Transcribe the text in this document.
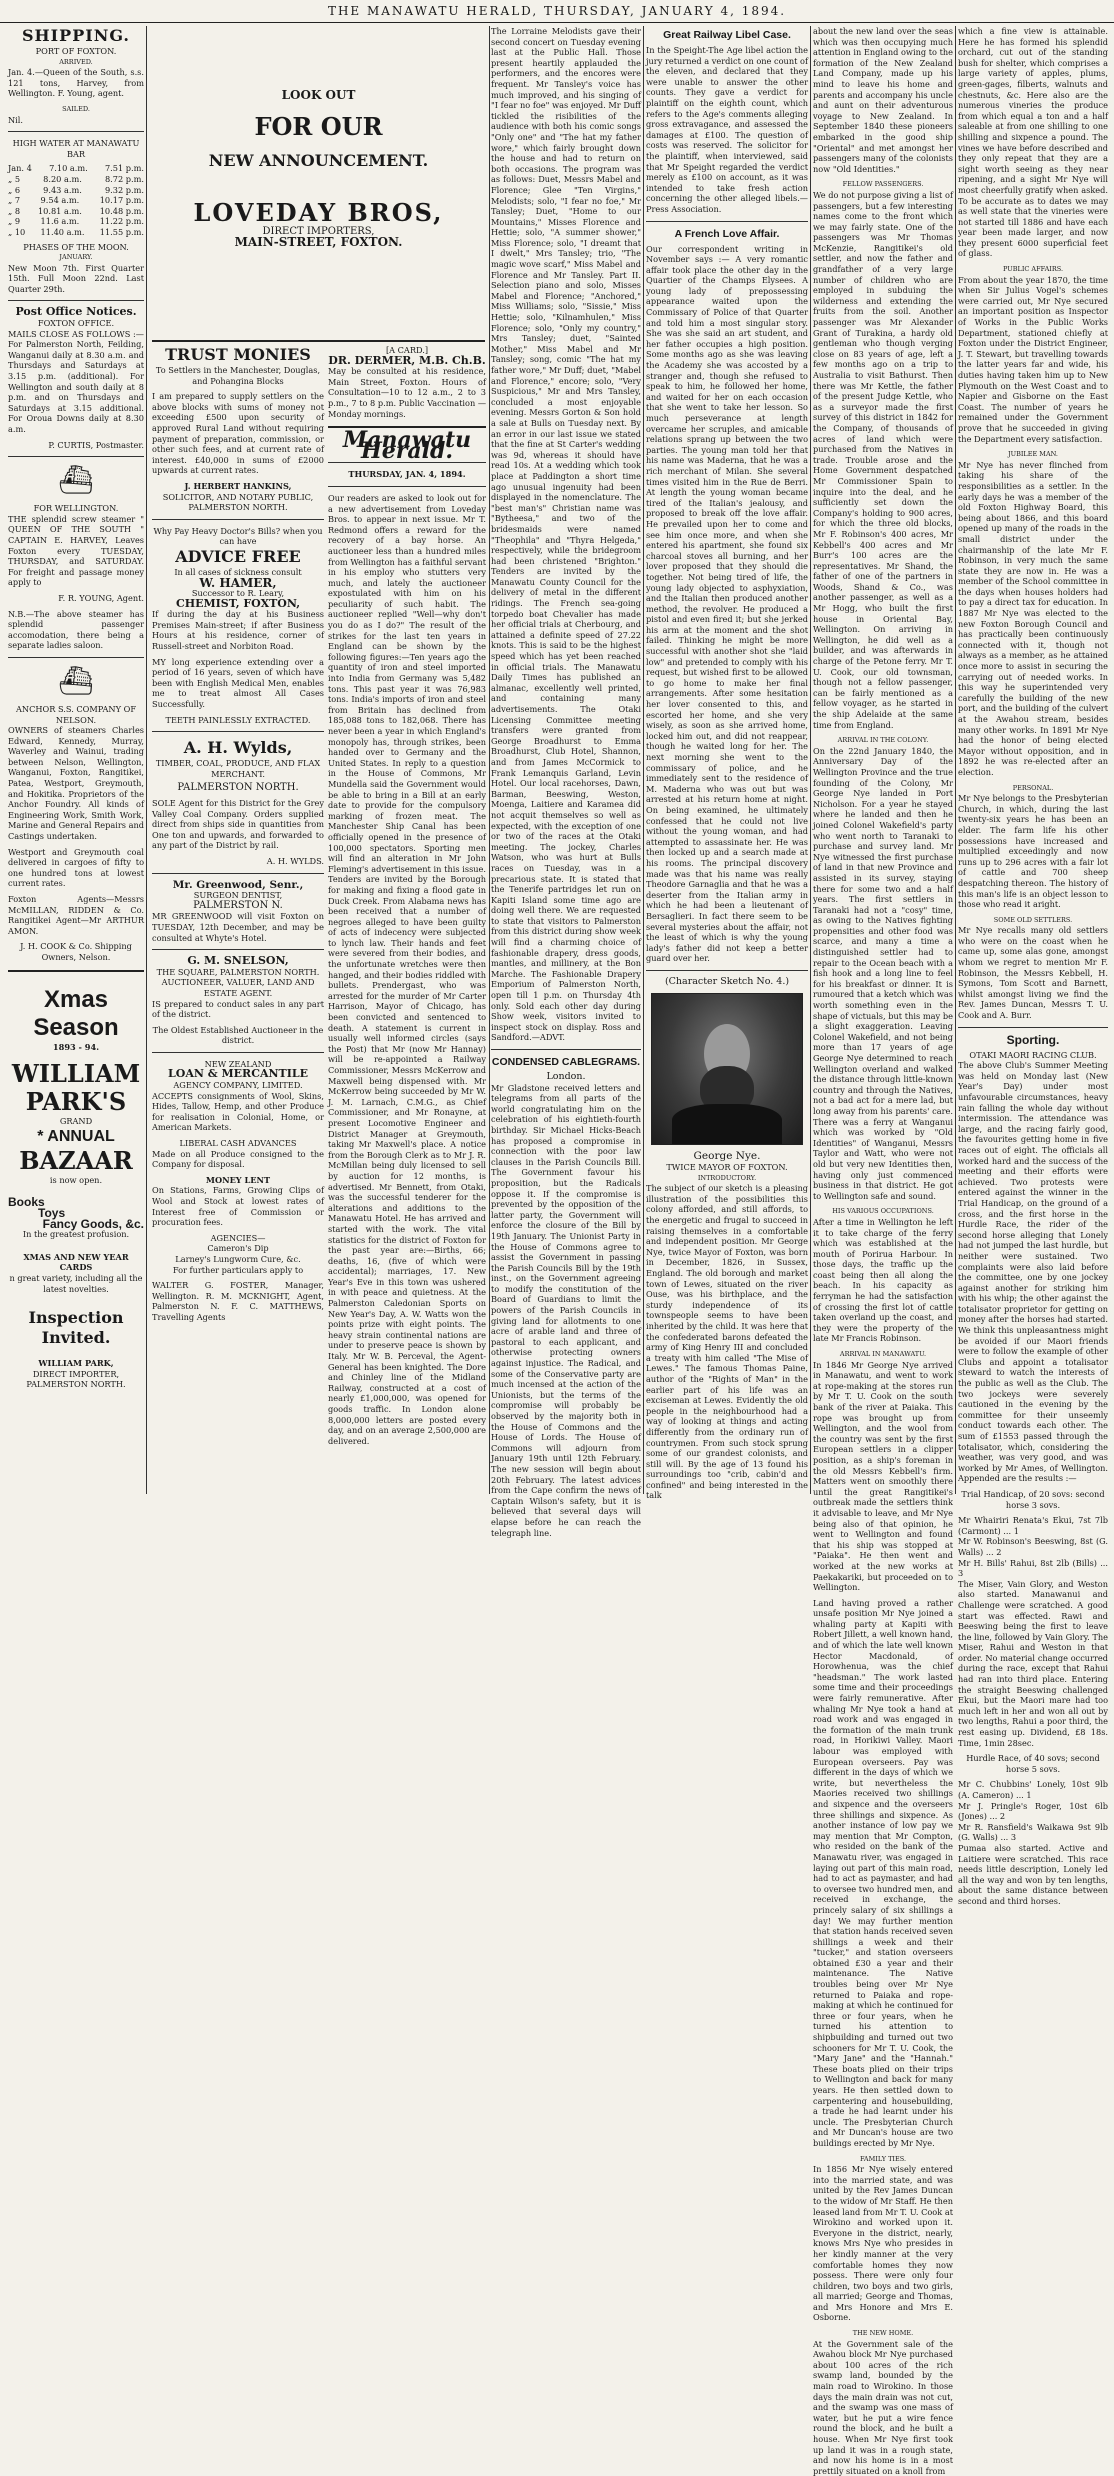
THE MANAWATU HERALD, THURSDAY, JANUARY 4, 1894.
SHIPPING.
PORT OF FOXTON.
ARRIVED.

Jan. 4.—Queen of the South, s.s. 121 tons, Harvey, from Wellington. F. Young, agent.

SAILED.

Nil.

HIGH WATER AT MANAWATU BAR
Jan. 4 7.10 a.m. 7.51 p.m.
„ 5	8.20 a.m.	8.72 p.m.
„ 6	9.43 a.m.	9.32 p.m.
„ 7 9.54 a.m. 10.17 p.m.
„ 8 10.81 a.m. 10.48 p.m.
„ 9 11.6 a.m. 11.22 p.m.
„ 10 11.40 a.m. 11.55 p.m.
PHASES OF THE MOON.
JANUARY.

New Moon 7th. First Quarter 15th. Full Moon 22nd. Last Quarter 29th.

Post Office Notices.
FOXTON OFFICE.

MAILS CLOSE AS FOLLOWS :— For Palmerston North, Feilding, Wanganui daily at 8.30 a.m. and Thursdays and Saturdays at 3.15 p.m. (additional). For Wellington and south daily at 8 p.m. and on Thursdays and Saturdays at 3.15 additional. For Oroua Downs daily at 8.30 a.m.

P. CURTIS, Postmaster.

⛴
FOR WELLINGTON.

THE splendid screw steamer " QUEEN OF THE SOUTH " CAPTAIN E. HARVEY, Leaves Foxton every TUESDAY, THURSDAY, and SATURDAY. For freight and passage money apply to

F. R. YOUNG, Agent.

N.B.—The above steamer has splendid passenger accomodation, there being a separate ladies saloon.

⛴
ANCHOR S.S. COMPANY OF NELSON.

OWNERS of steamers Charles Edward, Kennedy, Murray, Waverley and Wainui, trading between Nelson, Wellington, Wanganui, Foxton, Rangitikei, Patea, Westport, Greymouth, and Hokitika. Proprietors of the Anchor Foundry. All kinds of Engineering Work, Smith Work, Marine and General Repairs and Castings undertaken.

Westport and Greymouth coal delivered in cargoes of fifty to one hundred tons at lowest current rates.

Foxton Agents—Messrs McMILLAN, RIDDEN & Co. Rangitikei Agent—Mr ARTHUR AMON.

J. H. COOK & Co. Shipping Owners, Nelson.

Xmas Season
1893 - 94.
WILLIAM PARK'S
GRAND
* ANNUAL
BAZAAR
is now open.
Books
Toys
Fancy Goods, &c.
In the greatest profusion.
XMAS AND NEW YEAR CARDS
n great variety, including all the latest novelties.
Inspection Invited.
WILLIAM PARK,
DIRECT IMPORTER, PALMERSTON NORTH.
LOOK OUT
FOR OUR
NEW ANNOUNCEMENT.
LOVEDAY BROS,
DIRECT IMPORTERS,
MAIN-STREET, FOXTON.
TRUST MONIES

To Settlers in the Manchester, Douglas, and Pohangina Blocks

I am prepared to supply settlers on the above blocks with sums of money not exceeding £500 upon security of approved Rural Land without requiring payment of preparation, commission, or other such fees, and at current rate of interest. £40,000 in sums of £2000 upwards at current rates.

J. HERBERT HANKINS,
SOLICITOR, AND NOTARY PUBLIC, PALMERSTON NORTH.
Why Pay Heavy Doctor's Bills? when you can have
ADVICE FREE
In all cases of sickness consult
W. HAMER,
Successor to R. Leary,
CHEMIST, FOXTON,

If during the day at his Business Premises Main-street; if after Business Hours at his residence, corner of Russell-street and Norbiton Road.

MY long experience extending over a period of 16 years, seven of which have been with English Medical Men, enables me to treat almost All Cases Successfully.

TEETH PAINLESSLY EXTRACTED.
A. H. Wylds,
TIMBER, COAL, PRODUCE, AND FLAX MERCHANT.
PALMERSTON NORTH.

SOLE Agent for this District for the Grey Valley Coal Company. Orders supplied direct from ships side in quantities from One ton and upwards, and forwarded to any part of the District by rail.

A. H. WYLDS.

Mr. Greenwood, Senr.,
SURGEON DENTIST,
PALMERSTON N.

MR GREENWOOD will visit Foxton on TUESDAY, 12th December, and may be consulted at Whyte's Hotel.

G. M. SNELSON,
THE SQUARE, PALMERSTON NORTH.
AUCTIONEER, VALUER, LAND AND ESTATE AGENT.

IS prepared to conduct sales in any part of the district.

The Oldest Established Auctioneer in the district.

NEW ZEALAND
LOAN & MERCANTILE
AGENCY COMPANY, LIMITED.

ACCEPTS consignments of Wool, Skins, Hides, Tallow, Hemp, and other Produce for realisation in Colonial, Home, or American Markets.

LIBERAL CASH ADVANCES

Made on all Produce consigned to the Company for disposal.

MONEY LENT

On Stations, Farms, Growing Clips of Wool and Stock at lowest rates of Interest free of Commission or procuration fees.

AGENCIES—
Cameron's Dip
Larney's Lungworm Cure, &c.

For further particulars apply to

WALTER G. FOSTER, Manager, Wellington. R. M. MCKNIGHT, Agent, Palmerston N. F. C. MATTHEWS, Travelling Agents

[A CARD.]
DR. DERMER, M.B. Ch.B.

May be consulted at his residence, Main Street, Foxton. Hours of Consultation—10 to 12 a.m., 2 to 3 p.m., 7 to 8 p.m. Public Vaccination — Monday mornings.

Manawatu Herald.
THURSDAY, JAN. 4, 1894.

Our readers are asked to look out for a new advertisement from Loveday Bros. to appear in next issue. Mr T. Redmond offers a reward for the recovery of a bay horse. An auctioneer less than a hundred miles from Wellington has a faithful servant in his employ who stutters very much, and lately the auctioneer expostulated with him on his peculiarity of such habit. The auctioneer replied "Well—why don't you do as I do?" The result of the strikes for the last ten years in England can be shown by the following figures:—Ten years ago the quantity of iron and steel imported into India from Germany was 5,482 tons. This past year it was 76,983 tons. India's imports of iron and steel from Britain has declined from 185,088 tons to 182,068. There has never been a year in which England's monopoly has, through strikes, been handed over to Germany and the United States. In reply to a question in the House of Commons, Mr Mundella said the Government would be able to bring in a Bill at an early date to provide for the compulsory marking of frozen meat. The Manchester Ship Canal has been officially opened in the presence of 100,000 spectators. Sporting men will find an alteration in Mr John Fleming's advertisement in this issue. Tenders are invited by the Borough for making and fixing a flood gate in Duck Creek. From Alabama news has been received that a number of negroes alleged to have been guilty of acts of indecency were subjected to lynch law. Their hands and feet were severed from their bodies, and the unfortunate wretches were then hanged, and their bodies riddled with bullets. Prendergast, who was arrested for the murder of Mr Carter Harrison, Mayor of Chicago, has been convicted and sentenced to death. A statement is current in usually well informed circles (says the Post) that Mr (now Mr Hannay) will be re-appointed a Railway Commissioner, Messrs McKerrow and Maxwell being dispensed with. Mr McKerrow being succeeded by Mr W. J. M. Larnach, C.M.G., as Chief Commissioner, and Mr Ronayne, at present Locomotive Engineer and District Manager at Greymouth, taking Mr Maxwell's place. A notice from the Borough Clerk as to Mr J. R. McMillan being duly licensed to sell by auction for 12 months, is advertised. Mr Bennett, from Otaki, was the successful tenderer for the alterations and additions to the Manawatu Hotel. He has arrived and started with the work. The vital statistics for the district of Foxton for the past year are:—Births, 66; deaths, 16, (five of which were accidental); marriages, 17. New Year's Eve in this town was ushered in with peace and quietness. At the Palmerston Caledonian Sports on New Year's Day, A. W. Watts won the points prize with eight points. The heavy strain continental nations are under to preserve peace is shown by Italy. Mr W. B. Perceval, the Agent-General has been knighted. The Dore and Chinley line of the Midland Railway, constructed at a cost of nearly £1,000,000, was opened for goods traffic. In London alone 8,000,000 letters are posted every day, and on an average 2,500,000 are delivered.

The Lorraine Melodists gave their second concert on Tuesday evening last at the Public Hall. Those present heartily applauded the performers, and the encores were frequent. Mr Tansley's voice has much improved, and his singing of "I fear no foe" was enjoyed. Mr Duff tickled the risibilities of the audience with both his comic songs "Only one" and "The hat my father wore," which fairly brought down the house and had to return on both occasions. The program was as follows: Duet, Messrs Mabel and Florence; Glee "Ten Virgins," Melodists; solo, "I fear no foe," Mr Tansley; Duet, "Home to our Mountains," Misses Florence and Hettie; solo, "A summer shower," Miss Florence; solo, "I dreamt that I dwelt," Mrs Tansley; trio, "The magic wove scarf," Miss Mabel and Florence and Mr Tansley. Part II. Selection piano and solo, Misses Mabel and Florence; "Anchored," Miss Williams; solo, "Sissie," Miss Hettie; solo, "Kilnamhulen," Miss Florence; solo, "Only my country," Mrs Tansley; duet, "Sainted Mother," Miss Mabel and Mr Tansley; song, comic "The hat my father wore," Mr Duff; duet, "Mabel and Florence," encore; solo, "Very Suspicious," Mr and Mrs Tansley, concluded a most enjoyable evening. Messrs Gorton & Son hold a sale at Bulls on Tuesday next. By an error in our last issue we stated that the fine at St Carter's wedding was 9d, whereas it should have read 10s. At a wedding which took place at Paddington a short time ago unusual ingenuity had been displayed in the nomenclature. The "best man's" Christian name was "Bytheesa," and two of the bridesmaids were named "Theophila" and "Thyra Helgeda," respectively, while the bridegroom had been christened "Brighton." Tenders are invited by the Manawatu County Council for the delivery of metal in the different ridings. The French sea-going torpedo boat Chevalier has made her official trials at Cherbourg, and attained a definite speed of 27.22 knots. This is said to be the highest speed which has yet been reached in official trials. The Manawatu Daily Times has published an almanac, excellently well printed, and containing many advertisements. The Otaki Licensing Committee meeting transfers were granted from George Broadhurst to Emma Broadhurst, Club Hotel, Shannon, and from James McCormick to Frank Lemanquis Garland, Levin Hotel. Our local racehorses, Dawn, Barman, Beeswing, Weston, Moenga, Laitiere and Karamea did not acquit themselves so well as expected, with the exception of one or two of the races at the Otaki meeting. The jockey, Charles Watson, who was hurt at Bulls races on Tuesday, was in a precarious state. It is stated that the Tenerife partridges let run on Kapiti Island some time ago are doing well there. We are requested to state that visitors to Palmerston from this district during show week will find a charming choice of fashionable drapery, dress goods, mantles, and millinery, at the Bon Marche. The Fashionable Drapery Emporium of Palmerston North, open till 1 p.m. on Thursday 4th only. Sold each other day during Show week, visitors invited to inspect stock on display. Ross and Sandford.—ADVT.

CONDENSED CABLEGRAMS.
London.

Mr Gladstone received letters and telegrams from all parts of the world congratulating him on the celebration of his eightieth-fourth birthday. Sir Michael Hicks-Beach has proposed a compromise in connection with the poor law clauses in the Parish Councils Bill. The Government favour his proposition, but the Radicals oppose it. If the compromise is prevented by the opposition of the latter party, the Government will enforce the closure of the Bill by 19th January. The Unionist Party in the House of Commons agree to assist the Government in passing the Parish Councils Bill by the 19th inst., on the Government agreeing to modify the constitution of the Board of Guardians to limit the powers of the Parish Councils in giving land for allotments to one acre of arable land and three of pastoral to each applicant, and otherwise protecting owners against injustice. The Radical, and some of the Conservative party are much incensed at the action of the Unionists, but the terms of the compromise will probably be observed by the majority both in the House of Commons and the House of Lords. The House of Commons will adjourn from January 19th until 12th February. The new session will begin about 20th February. The latest advices from the Cape confirm the news of Captain Wilson's safety, but it is believed that several days will elapse before he can reach the telegraph line.

Great Railway Libel Case.

In the Speight-The Age libel action the jury returned a verdict on one count of the eleven, and declared that they were unable to answer the other counts. They gave a verdict for plaintiff on the eighth count, which refers to the Age's comments alleging gross extravagance, and assessed the damages at £100. The question of costs was reserved. The solicitor for the plaintiff, when interviewed, said that Mr Speight regarded the verdict merely as £100 on account, as it was intended to take fresh action concerning the other alleged libels.—Press Association.

A French Love Affair.

Our correspondent writing in November says :— A very romantic affair took place the other day in the Quartier of the Champs Elysees. A young lady of prepossessing appearance waited upon the Commissary of Police of that Quarter and told him a most singular story. She was she said an art student, and her father occupies a high position. Some months ago as she was leaving the Academy she was accosted by a stranger and, though she refused to speak to him, he followed her home, and waited for her on each occasion that she went to take her lesson. So much perseverance at length overcame her scruples, and amicable relations sprang up between the two parties. The young man told her that his name was Maderna, that he was a rich merchant of Milan. She several times visited him in the Rue de Berri. At length the young woman became tired of the Italian's jealousy, and proposed to break off the love affair. He prevailed upon her to come and see him once more, and when she entered his apartment, she found six charcoal stoves all burning, and her lover proposed that they should die together. Not being tired of life, the young lady objected to asphyxiation, and the Italian then produced another method, the revolver. He produced a pistol and even fired it; but she jerked his arm at the moment and the shot failed. Thinking he might be more successful with another shot she "laid low" and pretended to comply with his request, but wished first to be allowed to go home to make her final arrangements. After some hesitation her lover consented to this, and escorted her home, and she very wisely, as soon as she arrived home, locked him out, and did not reappear, though he waited long for her. The next morning she went to the commissary of police, and he immediately sent to the residence of M. Maderna who was out but was arrested at his return home at night. On being examined, he ultimately confessed that he could not live without the young woman, and had attempted to assassinate her. He was then locked up and a search made at his rooms. The principal discovery made was that his name was really Theodore Garnaglia and that he was a deserter from the Italian army in which he had been a lieutenant of Bersaglieri. In fact there seem to be several mysteries about the affair, not the least of which is why the young lady's father did not keep a better guard over her.

(Character Sketch No. 4.)
George Nye.
TWICE MAYOR OF FOXTON.
INTRODUCTORY.

The subject of our sketch is a pleasing illustration of the possibilities this colony afforded, and still affords, to the energetic and frugal to succeed in raising themselves in a comfortable and independent position. Mr George Nye, twice Mayor of Foxton, was born in December, 1826, in Sussex, England. The old borough and market town of Lewes, situated on the river Ouse, was his birthplace, and the sturdy independence of its townspeople seems to have been inherited by the child. It was here that the confederated barons defeated the army of King Henry III and concluded a treaty with him called "The Mise of Lewes." The famous Thomas Paine, author of the "Rights of Man" in the earlier part of his life was an exciseman at Lewes. Evidently the old people in the neighbourhood had a way of looking at things and acting differently from the ordinary run of countrymen. From such stock sprung some of our grandest colonists, and still will. By the age of 13 found his surroundings too "crib, cabin'd and confined" and being interested in the talk

about the new land over the seas which was then occupying much attention in England owing to the formation of the New Zealand Land Company, made up his mind to leave his home and parents and accompany his uncle and aunt on their adventurous voyage to New Zealand. In September 1840 these pioneers embarked in the good ship "Oriental" and met amongst her passengers many of the colonists now "Old Identities."

FELLOW PASSENGERS.

We do not purpose giving a list of passengers, but a few interesting names come to the front which we may fairly state. One of the passengers was Mr Thomas McKenzie, Rangitikei's old settler, and now the father and grandfather of a very large number of children who are employed in subduing the wilderness and extending the fruits from the soil. Another passenger was Mr Alexander Grant of Turakina, a hardy old gentleman who though verging close on 83 years of age, left a few months ago on a trip to Australia to visit Bathurst. Then there was Mr Kettle, the father of the present Judge Kettle, who as a surveyor made the first survey of this district in 1842 for the Company, of thousands of acres of land which were purchased from the Natives in trade. Trouble arose and the Home Government despatched Mr Commissioner Spain to inquire into the deal, and he sufficiently set down the Company's holding to 900 acres, for which the three old blocks, Mr F. Robinson's 400 acres, Mr Kebbell's 400 acres and Mr Burr's 100 acres are the representatives. Mr Shand, the father of one of the partners in Woods, Shand & Co., was another passenger, as well as a Mr Hogg, who built the first house in Oriental Bay, Wellington. On arriving in Wellington, he did well as a builder, and was afterwards in charge of the Petone ferry. Mr T. U. Cook, our old townsman, though not a fellow passenger, can be fairly mentioned as a fellow voyager, as he started in the ship Adelaide at the same time from England.

ARRIVAL IN THE COLONY.

On the 22nd January 1840, the Anniversary Day of the Wellington Province and the true founding of the Colony, Mr George Nye landed in Port Nicholson. For a year he stayed where he landed and then he joined Colonel Wakefield's party who went north to Taranaki to purchase and survey land. Mr Nye witnessed the first purchase of land in that new Province and assisted in its survey, staying there for some two and a half years. The first settlers in Taranaki had not a "cosy" time, as owing to the Natives fighting propensities and other food was scarce, and many a time a distinguished settler had to repair to the Ocean beach with a fish hook and a long line to feel for his breakfast or dinner. It is rumoured that a ketch which was worth something even in the shape of victuals, but this may be a slight exaggeration. Leaving Colonel Wakefield, and not being more than 17 years of age George Nye determined to reach Wellington overland and walked the distance through little-known country and through the Natives, not a bad act for a mere lad, but long away from his parents' care. There was a ferry at Wanganui which was worked by "Old Identities" of Wanganui, Messrs Taylor and Watt, who were not old but very new Identities then, having only just commenced business in that district. He got to Wellington safe and sound.

HIS VARIOUS OCCUPATIONS.

After a time in Wellington he left it to take charge of the ferry which was established at the mouth of Porirua Harbour. In those days, the traffic up the coast being then all along the beach. In his capacity as ferryman he had the satisfaction of crossing the first lot of cattle taken overland up the coast, and they were the property of the late Mr Francis Robinson.

ARRIVAL IN MANAWATU.

In 1846 Mr George Nye arrived in Manawatu, and went to work at rope-making at the stores run by Mr T. U. Cook on the south bank of the river at Paiaka. This rope was brought up from Wellington, and the wool from the country was sent by the first European settlers in a clipper position, as a ship's foreman in the old Messrs Kebbell's firm. Matters went on smoothly there until the great Rangitikei's outbreak made the settlers think it advisable to leave, and Mr Nye being also of that opinion, he went to Wellington and found that his ship was stopped at "Paiaka". He then went and worked at the new works at Paekakariki, but proceeded on to Wellington.

Land having proved a rather unsafe position Mr Nye joined a whaling party at Kapiti with Robert Jillett, a well known hand, and of which the late well known Hector Macdonald, of Horowhenua, was the chief "headsman." The work lasted some time and their proceedings were fairly remunerative. After whaling Mr Nye took a hand at road work and was engaged in the formation of the main trunk road, in Horikiwi Valley. Maori labour was employed with European overseers. Pay was different in the days of which we write, but nevertheless the Maories received two shillings and sixpence and the overseers three shillings and sixpence. As another instance of low pay we may mention that Mr Compton, who resided on the bank of the Manawatu river, was engaged in laying out part of this main road, had to act as paymaster, and had to oversee two hundred men, and received in exchange, the princely salary of six shillings a day! We may further mention that station hands received seven shillings a week and their "tucker," and station overseers obtained £30 a year and their maintenance. The Native troubles being over Mr Nye returned to Paiaka and rope-making at which he continued for three or four years, when he turned his attention to shipbuilding and turned out two schooners for Mr T. U. Cook, the "Mary Jane" and the "Hannah." These boats plied on their trips to Wellington and back for many years. He then settled down to carpentering and housebuilding, a trade he had learnt under his uncle. The Presbyterian Church and Mr Duncan's house are two buildings erected by Mr Nye.

FAMILY TIES.

In 1856 Mr Nye wisely entered into the married state, and was united by the Rev James Duncan to the widow of Mr Staff. He then leased land from Mr T. U. Cook at Wirokino and worked upon it. Everyone in the district, nearly, knows Mrs Nye who presides in her kindly manner at the very comfortable homes they now possess. There were only four children, two boys and two girls, all married; George and Thomas, and Mrs Honore and Mrs E. Osborne.

THE NEW HOME.

At the Government sale of the Awahou block Mr Nye purchased about 100 acres of the rich swamp land, bounded by the main road to Wirokino. In those days the main drain was not cut, and the swamp was one mass of water, but he put a wire fence round the block, and he built a house. When Mr Nye first took up land it was in a rough state, and now his home is in a most prettily situated on a knoll from

which a fine view is attainable. Here he has formed his splendid orchard, cut out of the standing bush for shelter, which comprises a large variety of apples, plums, green-gages, filberts, walnuts and chestnuts, &c. Here also are the numerous vineries the produce from which equal a ton and a half saleable at from one shilling to one shilling and sixpence a pound. The vines we have before described and they only repeat that they are a sight worth seeing as they near ripening, and a sight Mr Nye will most cheerfully gratify when asked. To be accurate as to dates we may as well state that the vineries were not started till 1886 and have each year been made larger, and now they present 6000 superficial feet of glass.

PUBLIC AFFAIRS.

From about the year 1870, the time when Sir Julius Vogel's schemes were carried out, Mr Nye secured an important position as Inspector of Works in the Public Works Department, stationed chiefly at Foxton under the District Engineer, J. T. Stewart, but travelling towards the latter years far and wide, his duties having taken him up to New Plymouth on the West Coast and to Napier and Gisborne on the East Coast. The number of years he remained under the Government prove that he succeeded in giving the Department every satisfaction.

JUBILEE MAN.

Mr Nye has never flinched from taking his share of the responsibilities as a settler. In the early days he was a member of the old Foxton Highway Board, this being about 1866, and this board opened up many of the roads in the small district under the chairmanship of the late Mr F. Robinson, in very much the same state they are now in. He was a member of the School committee in the days when houses holders had to pay a direct tax for education. In 1887 Mr Nye was elected to the new Foxton Borough Council and has practically been continuously connected with it, though not always as a member, as he attained once more to assist in securing the carrying out of needed works. In this way he superintended very carefully the building of the new port, and the building of the culvert at the Awahou stream, besides many other works. In 1891 Mr Nye had the honor of being elected Mayor without opposition, and in 1892 he was re-elected after an election.

PERSONAL.

Mr Nye belongs to the Presbyterian Church, in which, during the last twenty-six years he has been an elder. The farm life his other possessions have increased and multiplied exceedingly and now runs up to 296 acres with a fair lot of cattle and 700 sheep despatching thereon. The history of this man's life is an object lesson to those who read it aright.

SOME OLD SETTLERS.

Mr Nye recalls many old settlers who were on the coast when he came up, some alas gone, amongst whom we regret to mention Mr F. Robinson, the Messrs Kebbell, H. Symons, Tom Scott and Barnett, whilst amongst living we find the Rev. James Duncan, Messrs T. U. Cook and A. Burr.

Sporting.
OTAKI MAORI RACING CLUB.

The above Club's Summer Meeting was held on Monday last (New Year's Day) under most unfavourable circumstances, heavy rain falling the whole day without intermission. The attendance was large, and the racing fairly good, the favourites getting home in five races out of eight. The officials all worked hard and the success of the meeting and their efforts were achieved. Two protests were entered against the winner in the Trial Handicap, on the ground of a cross, and the first horse in the Hurdle Race, the rider of the second horse alleging that Lonely had not jumped the last hurdle, but neither were sustained. Two complaints were also laid before the committee, one by one jockey against another for striking him with his whip; the other against the totalisator proprietor for getting on money after the horses had started. We think this unpleasantness might be avoided if our Maori friends were to follow the example of other Clubs and appoint a totalisator steward to watch the interests of the public as well as the Club. The two jockeys were severely cautioned in the evening by the committee for their unseemly conduct towards each other. The sum of £1553 passed through the totalisator, which, considering the weather, was very good, and was worked by Mr Ames, of Wellington. Appended are the results :—

Trial Handicap, of 20 sovs: second horse 3 sovs.

Mr Whairiri Renata's Ekui, 7st 7lb (Carmont) ... 1
Mr W. Robinson's Beeswing, 8st (G. Walls) ... 2
Mr H. Bills' Rahui, 8st 2lb (Bills) ... 3

The Miser, Vain Glory, and Weston also started. Manawanui and Challenge were scratched. A good start was effected. Rawi and Beeswing being the first to leave the line, followed by Vain Glory. The Miser, Rahui and Weston in that order. No material change occurred during the race, except that Rahui had ran into third place. Entering the straight Beeswing challenged Ekui, but the Maori mare had too much left in her and won all out by two lengths, Rahui a poor third, the rest easing up. Dividend, £8 18s. Time, 1min 28sec.

Hurdle Race, of 40 sovs; second horse 5 sovs.

Mr C. Chubbins' Lonely, 10st 9lb (A. Cameron) ... 1
Mr J. Pringle's Roger, 10st 6lb (Jones) ... 2
Mr R. Ransfield's Waikawa 9st 9lb (G. Walls) ... 3

Pumaa also started. Active and Laitiere were scratched. This race needs little description, Lonely led all the way and won by ten lengths, about the same distance between second and third horses.
